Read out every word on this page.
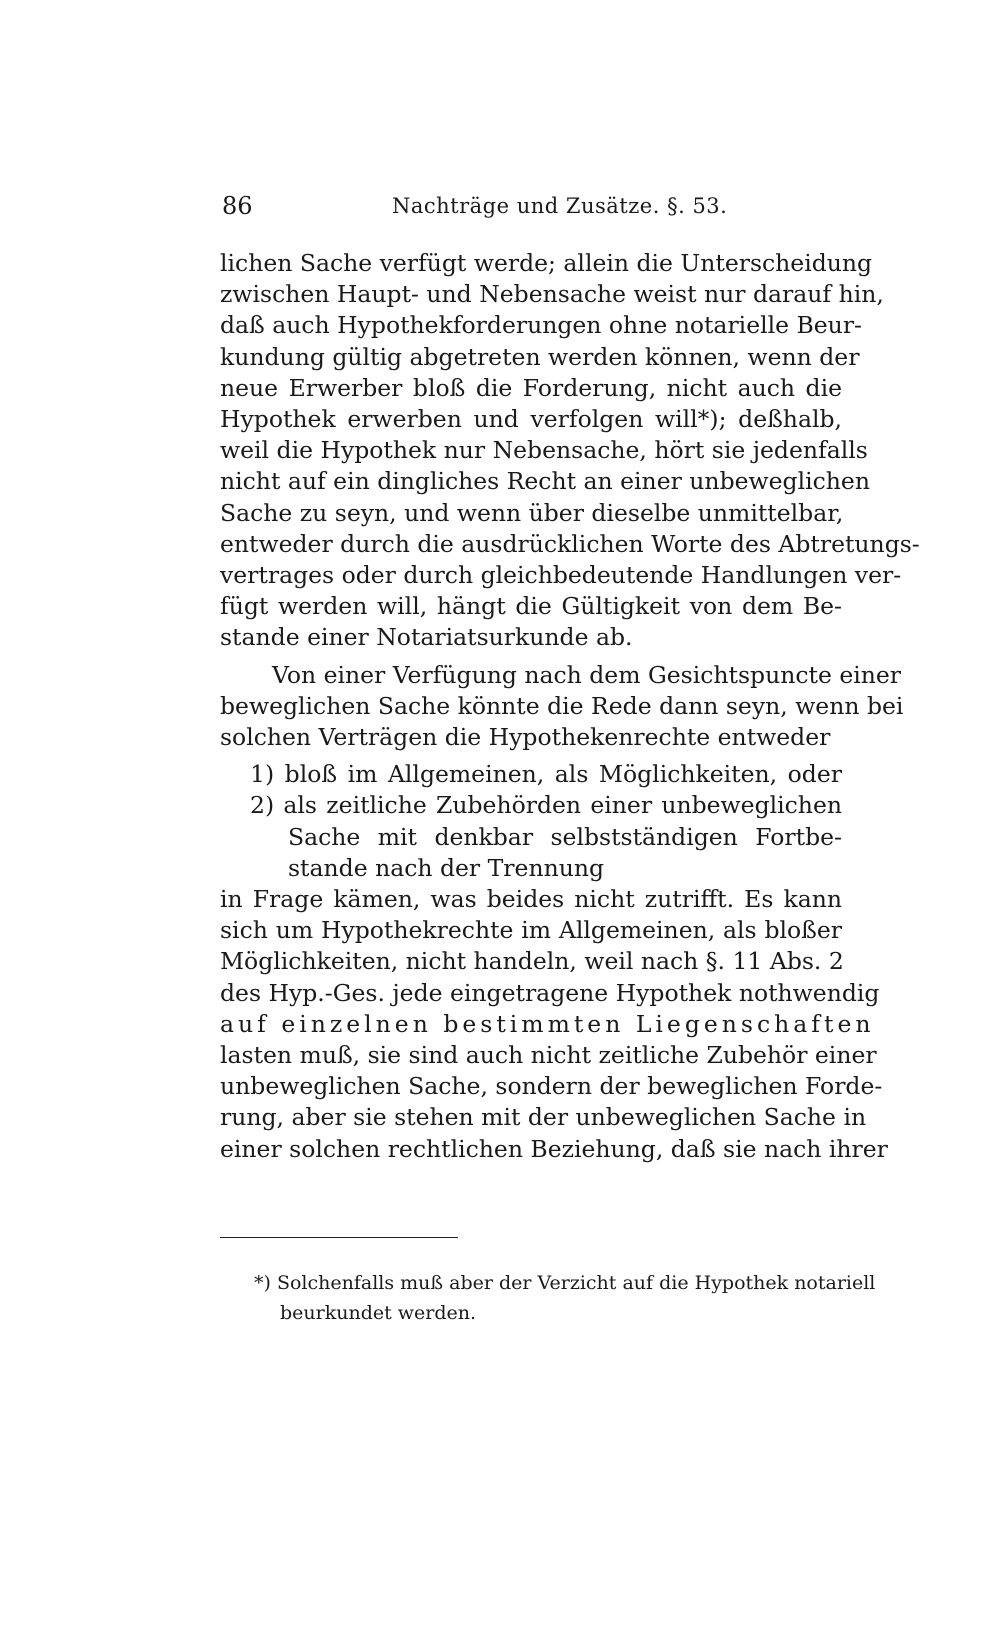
86	Nachträge und Zusätze. §. 53.
lichen Sache verfügt werde; allein die Unterscheidung
zwischen Haupt- und Nebensache weist nur darauf hin,
daß auch Hypothekforderungen ohne notarielle Beur-
kundung gültig abgetreten werden können, wenn der
neue Erwerber bloß die Forderung, nicht auch die
Hypothek erwerben und verfolgen will*); deßhalb,
weil die Hypothek nur Nebensache, hört sie jedenfalls
nicht auf ein dingliches Recht an einer unbeweglichen
Sache zu seyn, und wenn über dieselbe unmittelbar,
entweder durch die ausdrücklichen Worte des Abtretungs-
vertrages oder durch gleichbedeutende Handlungen ver-
fügt werden will, hängt die Gültigkeit von dem Be-
stande einer Notariatsurkunde ab.
Von einer Verfügung nach dem Gesichtspuncte einer
beweglichen Sache könnte die Rede dann seyn, wenn bei
solchen Verträgen die Hypothekenrechte entweder
1) bloß im Allgemeinen, als Möglichkeiten, oder
2) als zeitliche Zubehörden einer unbeweglichen
Sache mit denkbar selbstständigen Fortbe-
stande nach der Trennung
in Frage kämen, was beides nicht zutrifft. Es kann
sich um Hypothekrechte im Allgemeinen, als bloßer
Möglichkeiten, nicht handeln, weil nach §. 11 Abs. 2
des Hyp.-Ges. jede eingetragene Hypothek nothwendig
auf einzelnen bestimmten Liegenschaften
lasten muß, sie sind auch nicht zeitliche Zubehör einer
unbeweglichen Sache, sondern der beweglichen Forde-
rung, aber sie stehen mit der unbeweglichen Sache in
einer solchen rechtlichen Beziehung, daß sie nach ihrer
*) Solchenfalls muß aber der Verzicht auf die Hypothek notariell
beurkundet werden.
